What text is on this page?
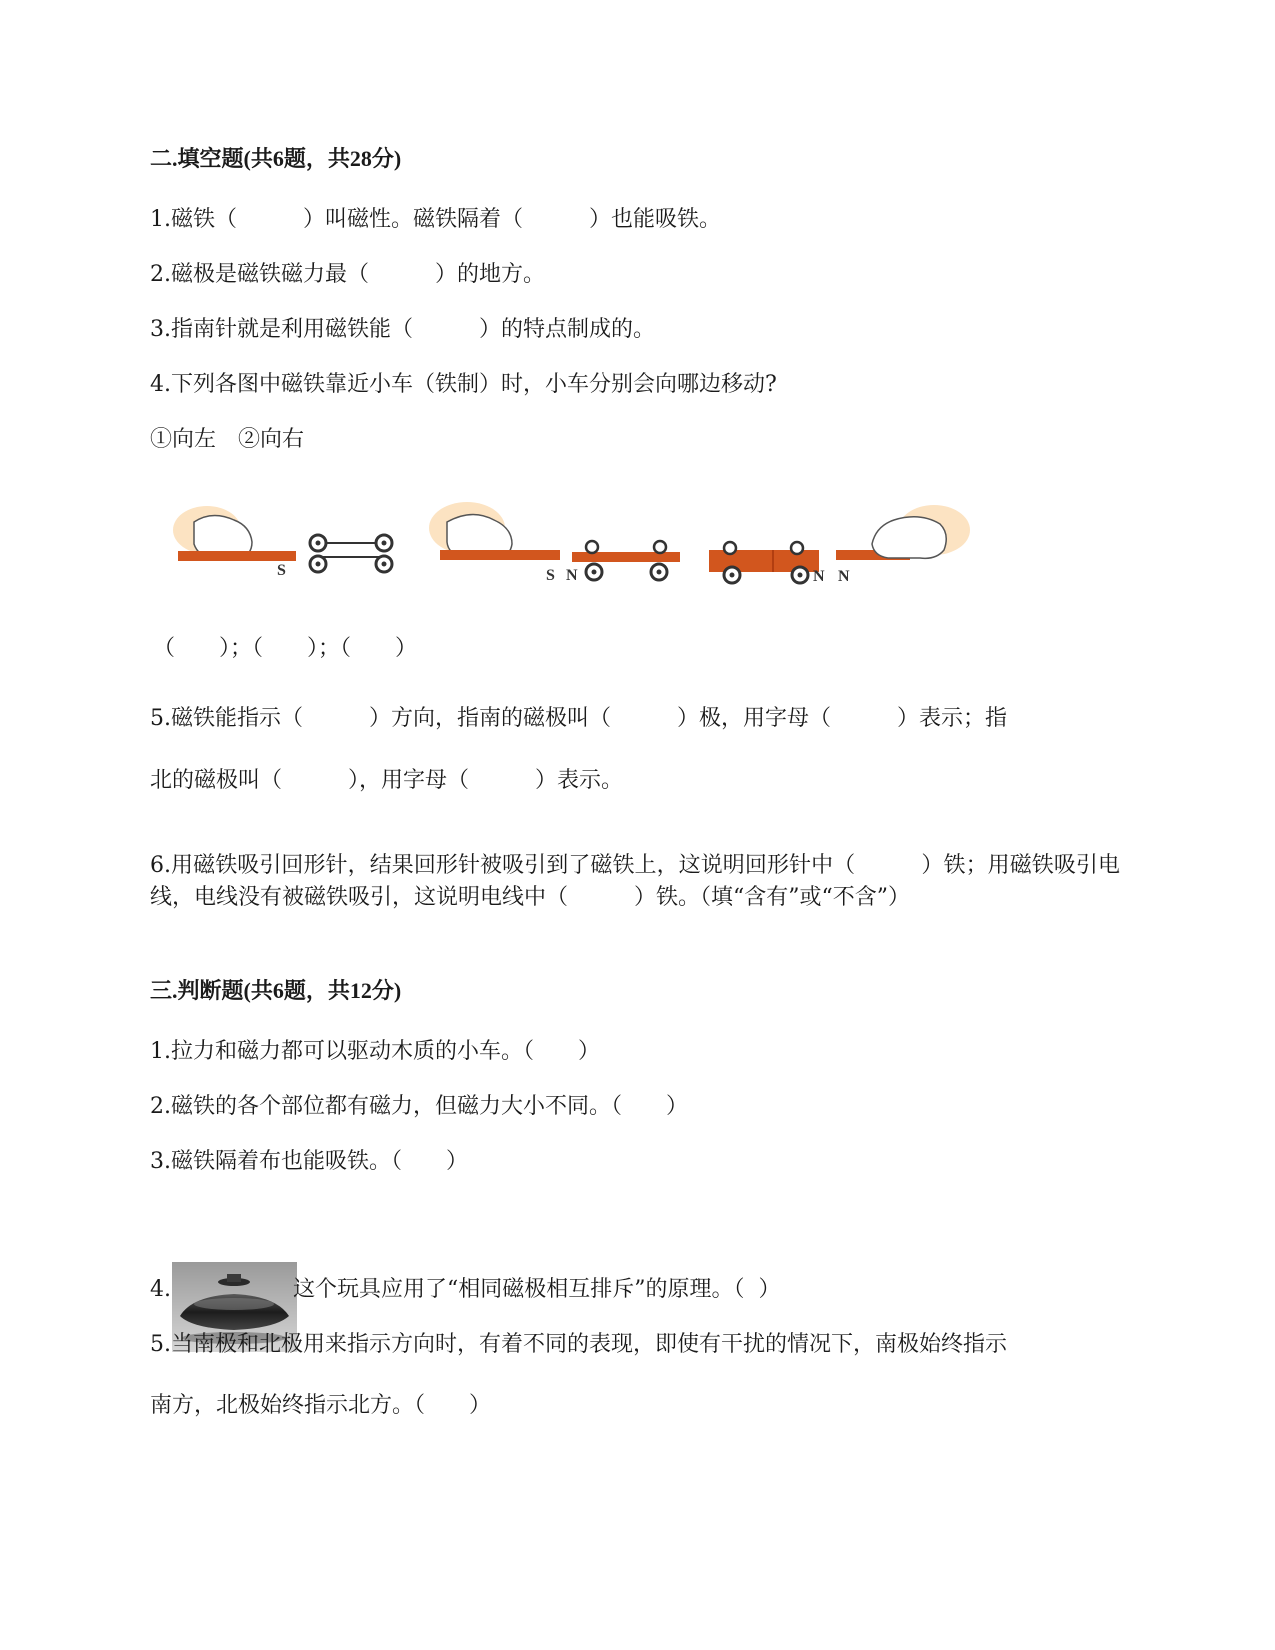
二.填空题(共6题，共28分)
1.磁铁（　　　）叫磁性。磁铁隔着（　　　）也能吸铁。
2.磁极是磁铁磁力最（　　　）的地方。
3.指南针就是利用磁铁能（　　　）的特点制成的。
4.下列各图中磁铁靠近小车（铁制）时，小车分别会向哪边移动?
①向左　②向右
S	S N	N N
（　　）；（　　）；（　　）
5.磁铁能指示（　　　）方向，指南的磁极叫（　　　）极，用字母（　　　）表示；指
北的磁极叫（　　　），用字母（　　　）表示。
6.用磁铁吸引回形针，结果回形针被吸引到了磁铁上，这说明回形针中（　　　）铁；用磁铁吸引电线，电线没有被磁铁吸引，这说明电线中（　　　）铁。（填“含有”或“不含”）
三.判断题(共6题，共12分)
1.拉力和磁力都可以驱动木质的小车。（　　）
2.磁铁的各个部位都有磁力，但磁力大小不同。（　　）
3.磁铁隔着布也能吸铁。（　　）
4.	这个玩具应用了“相同磁极相互排斥”的原理。（  ）
5.当南极和北极用来指示方向时，有着不同的表现，即使有干扰的情况下，南极始终指示
南方，北极始终指示北方。（　　）
